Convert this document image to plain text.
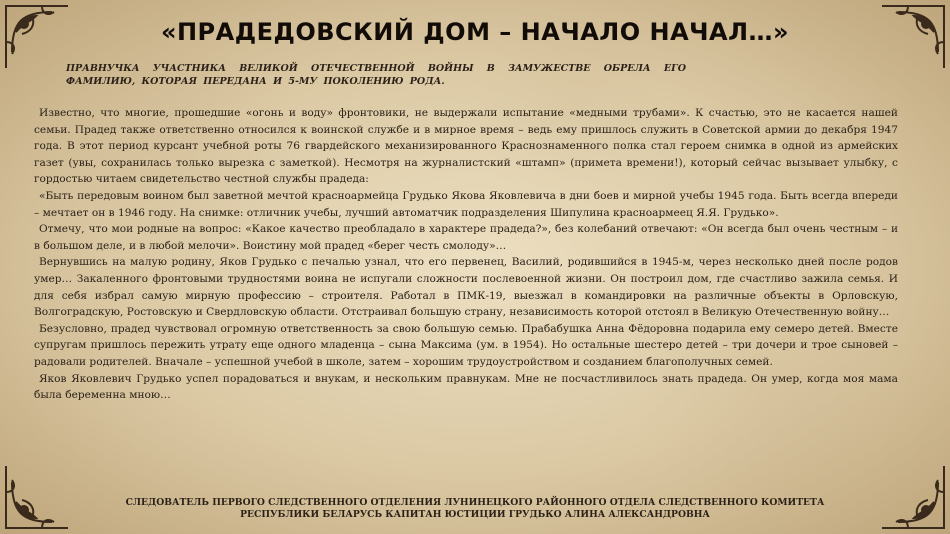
«ПРАДЕДОВСКИЙ ДОМ – НАЧАЛО НАЧАЛ…»

ПРАВНУЧКА УЧАСТНИКА ВЕЛИКОЙ ОТЕЧЕСТВЕННОЙ ВОЙНЫ В ЗАМУЖЕСТВЕ ОБРЕЛА ЕГО ФАМИЛИЮ, КОТОРАЯ ПЕРЕДАНА И 5-МУ ПОКОЛЕНИЮ РОДА.

Известно, что многие, прошедшие «огонь и воду» фронтовики, не выдержали испытание «медными трубами». К счастью, это не касается нашей семьи. Прадед также ответственно относился к воинской службе и в мирное время – ведь ему пришлось служить в Советской армии до декабря 1947 года. В этот период курсант учебной роты 76 гвардейского механизированного Краснознаменного полка стал героем снимка в одной из армейских газет (увы, сохранилась только вырезка с заметкой). Несмотря на журналистский «штамп» (примета времени!), который сейчас вызывает улыбку, с гордостью читаем свидетельство честной службы прадеда:

«Быть передовым воином был заветной мечтой красноармейца Грудько Якова Яковлевича в дни боев и мирной учебы 1945 года. Быть всегда впереди – мечтает он в 1946 году. На снимке: отличник учебы, лучший автоматчик подразделения Шипулина красноармеец Я.Я. Грудько».

Отмечу, что мои родные на вопрос: «Какое качество преобладало в характере прадеда?», без колебаний отвечают: «Он всегда был очень честным – и в большом деле, и в любой мелочи». Воистину мой прадед «берег честь смолоду»…

Вернувшись на малую родину, Яков Грудько с печалью узнал, что его первенец, Василий, родившийся в 1945-м, через несколько дней после родов умер… Закаленного фронтовыми трудностями воина не испугали сложности послевоенной жизни. Он построил дом, где счастливо зажила семья. И для себя избрал самую мирную профессию – строителя. Работал в ПМК-19, выезжал в командировки на различные объекты в Орловскую, Волгоградскую, Ростовскую и Свердловскую области. Отстраивал большую страну, независимость которой отстоял в Великую Отечественную войну…

Безусловно, прадед чувствовал огромную ответственность за свою большую семью. Прабабушка Анна Фёдоровна подарила ему семеро детей. Вместе супругам пришлось пережить утрату еще одного младенца – сына Максима (ум. в 1954). Но остальные шестеро детей – три дочери и трое сыновей – радовали родителей. Вначале – успешной учебой в школе, затем – хорошим трудоустройством и созданием благополучных семей.

Яков Яковлевич Грудько успел порадоваться и внукам, и нескольким правнукам. Мне не посчастливилось знать прадеда. Он умер, когда моя мама была беременна мною…

СЛЕДОВАТЕЛЬ ПЕРВОГО СЛЕДСТВЕННОГО ОТДЕЛЕНИЯ ЛУНИНЕЦКОГО РАЙОННОГО ОТДЕЛА СЛЕДСТВЕННОГО КОМИТЕТА РЕСПУБЛИКИ БЕЛАРУСЬ КАПИТАН ЮСТИЦИИ ГРУДЬКО АЛИНА АЛЕКСАНДРОВНА
